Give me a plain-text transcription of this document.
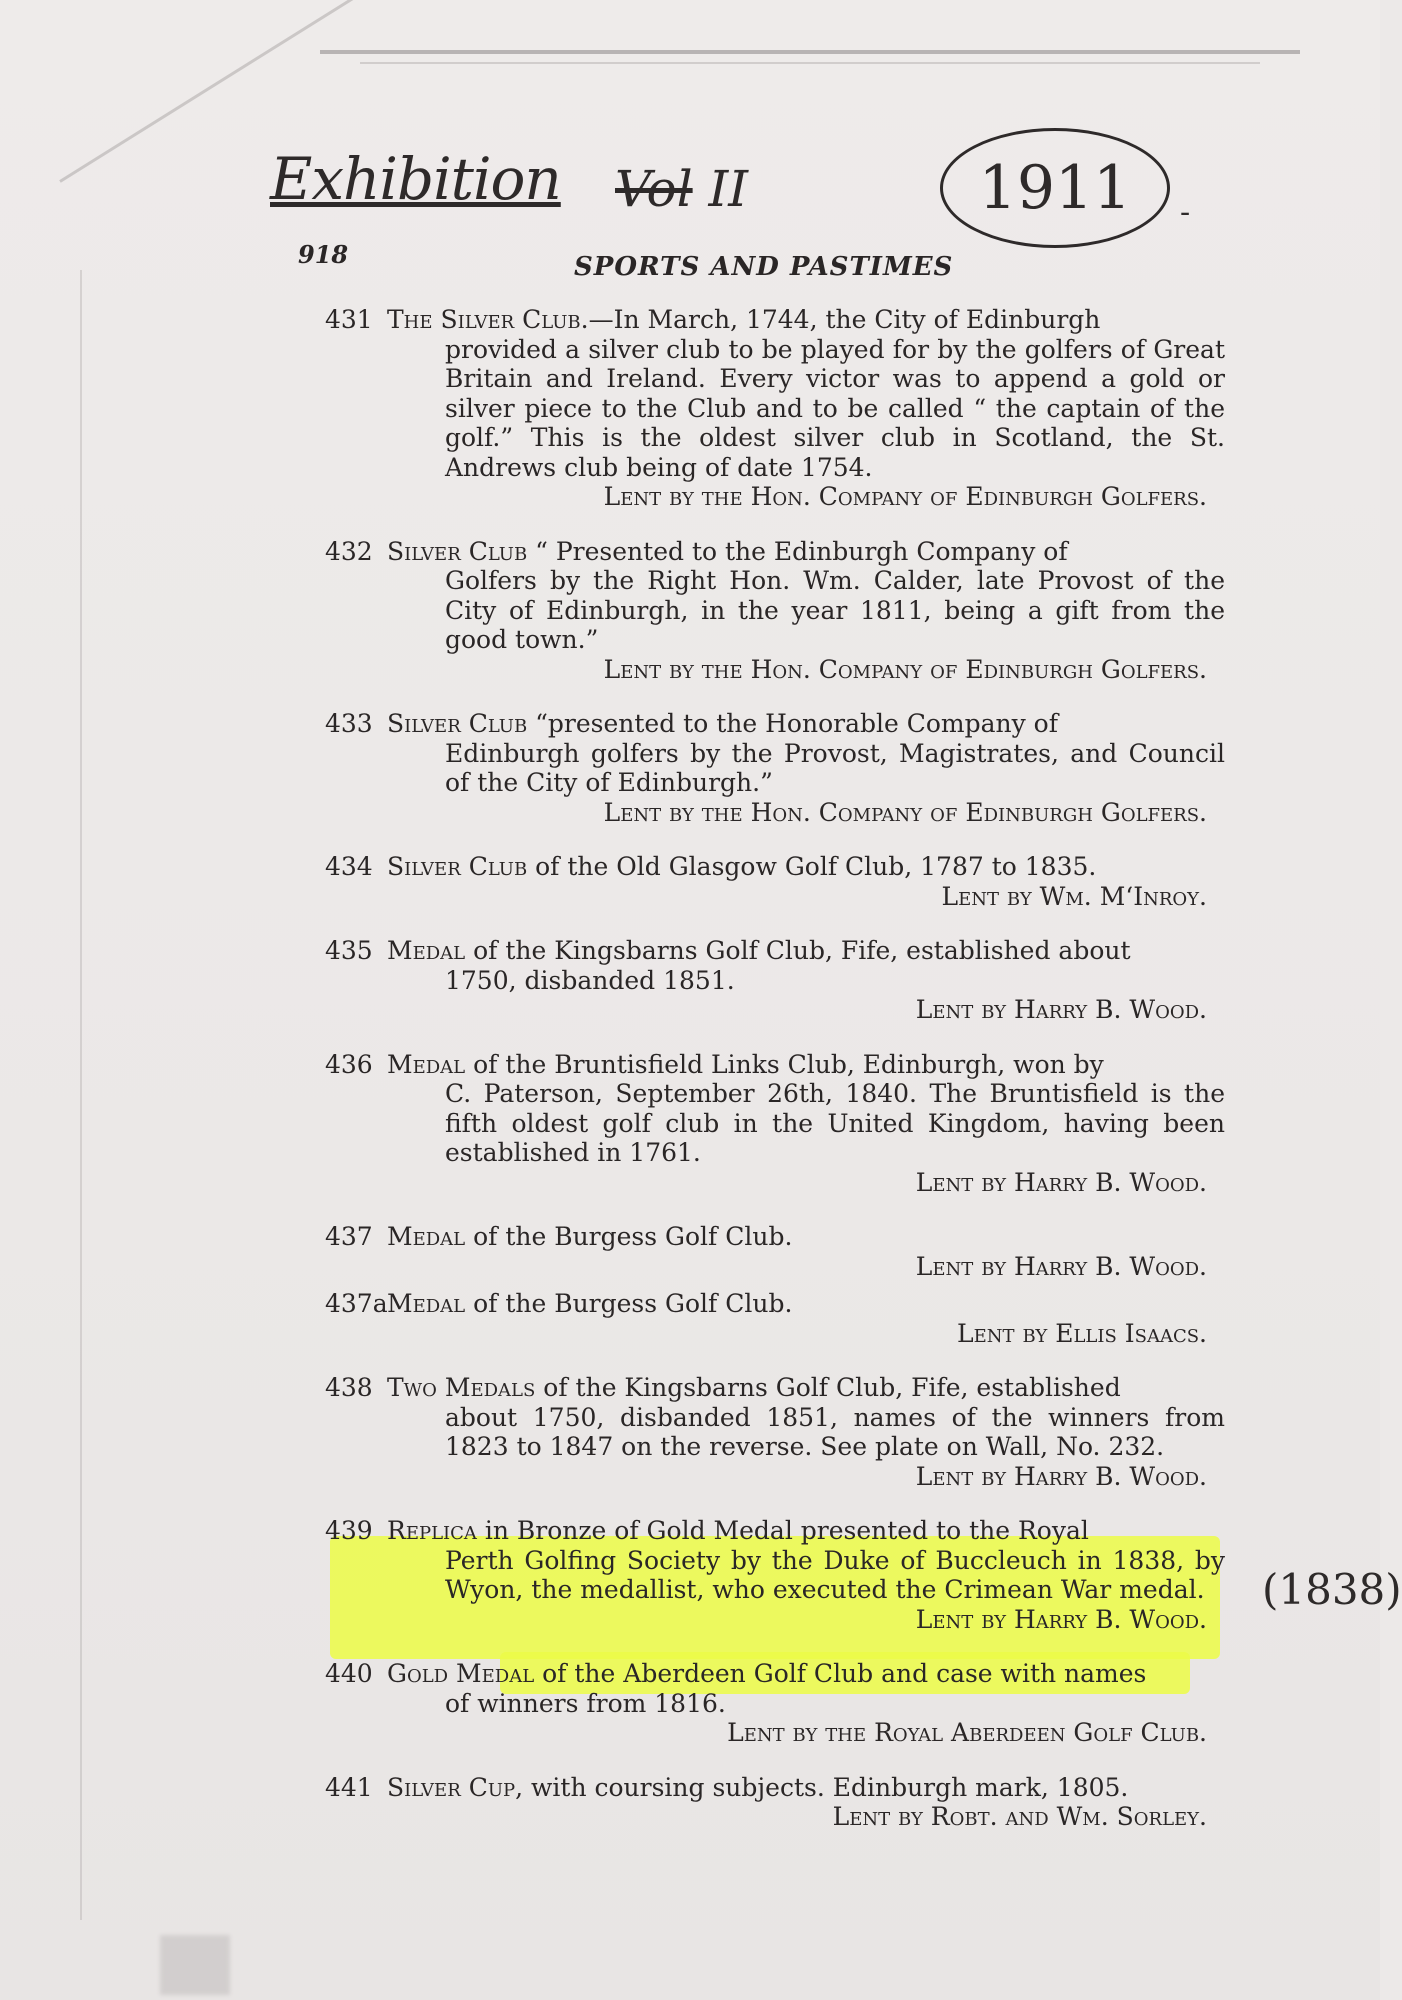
Exhibition Vol II	1911	-
918	SPORTS AND PASTIMES
431 The Silver Club.—In March, 1744, the City of Edinburgh
provided a silver club to be played for by the golfers of Great Britain and Ireland. Every victor was to append a gold or silver piece to the Club and to be called “ the captain of the golf.” This is the oldest silver club in Scotland, the St. Andrews club being of date 1754.
Lent by the Hon. Company of Edinburgh Golfers.
432 Silver Club “ Presented to the Edinburgh Company of
Golfers by the Right Hon. Wm. Calder, late Provost of the City of Edinburgh, in the year 1811, being a gift from the good town.”
Lent by the Hon. Company of Edinburgh Golfers.
433 Silver Club “presented to the Honorable Company of
Edinburgh golfers by the Provost, Magistrates, and Council of the City of Edinburgh.”
Lent by the Hon. Company of Edinburgh Golfers.
434 Silver Club of the Old Glasgow Golf Club, 1787 to 1835.
Lent by Wm. M‘Inroy.
435 Medal of the Kingsbarns Golf Club, Fife, established about
1750, disbanded 1851.
Lent by Harry B. Wood.
436 Medal of the Bruntisfield Links Club, Edinburgh, won by
C. Paterson, September 26th, 1840. The Bruntisfield is the fifth oldest golf club in the United Kingdom, having been established in 1761.
Lent by Harry B. Wood.
437 Medal of the Burgess Golf Club.
Lent by Harry B. Wood.
437a Medal of the Burgess Golf Club.
Lent by Ellis Isaacs.
438 Two Medals of the Kingsbarns Golf Club, Fife, established
about 1750, disbanded 1851, names of the winners from 1823 to 1847 on the reverse. See plate on Wall, No. 232.
Lent by Harry B. Wood.
439 Replica in Bronze of Gold Medal presented to the Royal
Perth Golfing Society by the Duke of Buccleuch in 1838, by Wyon, the medallist, who executed the Crimean War medal.
Lent by Harry B. Wood.
440 Gold Medal of the Aberdeen Golf Club and case with names
of winners from 1816.
Lent by the Royal Aberdeen Golf Club.
441 Silver Cup, with coursing subjects. Edinburgh mark, 1805.
Lent by Robt. and Wm. Sorley.
(1838)
